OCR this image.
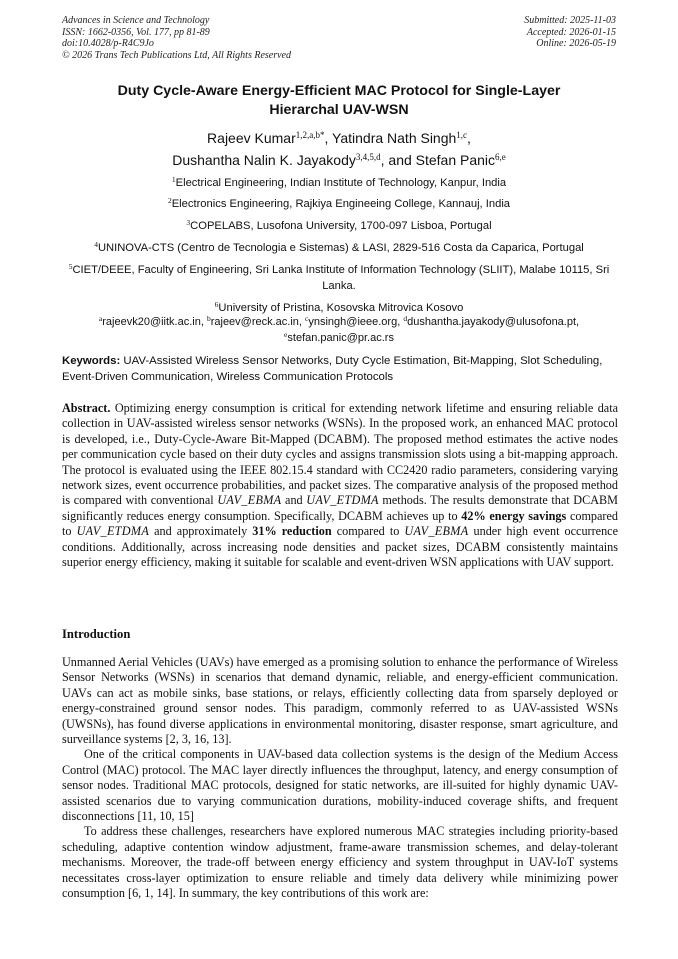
Advances in Science and Technology
ISSN: 1662-0356, Vol. 177, pp 81-89
doi:10.4028/p-R4C9Jo
© 2026 Trans Tech Publications Ltd, All Rights Reserved
Submitted: 2025-11-03
Accepted: 2026-01-15
Online: 2026-05-19
Duty Cycle-Aware Energy-Efficient MAC Protocol for Single-Layer
Hierarchal UAV-WSN
Rajeev Kumar$^{1,2,a,b*}$, Yatindra Nath Singh$^{1,c}$,
Dushantha Nalin K. Jayakody$^{3,4,5,d}$, and Stefan Panic$^{6,e}$
$^1$Electrical Engineering, Indian Institute of Technology, Kanpur, India
$^2$Electronics Engineering, Rajkiya Engineeing College, Kannauj, India
$^3$COPELABS, Lusofona University, 1700-097 Lisboa, Portugal
$^4$UNINOVA-CTS (Centro de Tecnologia e Sistemas) & LASI, 2829-516 Costa da Caparica, Portugal
$^5$CIET/DEEE, Faculty of Engineering, Sri Lanka Institute of Information Technology (SLIIT), Malabe 10115, Sri Lanka.
$^6$University of Pristina, Kosovska Mitrovica Kosovo
$^a$rajeevk20@iitk.ac.in, $^b$rajeev@reck.ac.in, $^c$ynsingh@ieee.org, $^d$dushantha.jayakody@ulusofona.pt,
$^e$stefan.panic@pr.ac.rs
Keywords: UAV-Assisted Wireless Sensor Networks, Duty Cycle Estimation, Bit-Mapping, Slot Scheduling, Event-Driven Communication, Wireless Communication Protocols

Abstract. Optimizing energy consumption is critical for extending network lifetime and ensuring reliable data collection in UAV-assisted wireless sensor networks (WSNs). In the proposed work, an enhanced MAC protocol is developed, i.e., Duty-Cycle-Aware Bit-Mapped (DCABM). The proposed method estimates the active nodes per communication cycle based on their duty cycles and assigns transmission slots using a bit-mapping approach. The protocol is evaluated using the IEEE 802.15.4 standard with CC2420 radio parameters, considering varying network sizes, event occurrence probabilities, and packet sizes. The comparative analysis of the proposed method is compared with conventional UAV_EBMA and UAV_ETDMA methods. The results demonstrate that DCABM significantly reduces energy consumption. Specifically, DCABM achieves up to 42% energy savings compared to UAV_ETDMA and approximately 31% reduction compared to UAV_EBMA under high event occurrence conditions. Additionally, across increasing node densities and packet sizes, DCABM consistently maintains superior energy efficiency, making it suitable for scalable and event-driven WSN applications with UAV support.

Introduction

Unmanned Aerial Vehicles (UAVs) have emerged as a promising solution to enhance the performance of Wireless Sensor Networks (WSNs) in scenarios that demand dynamic, reliable, and energy-efficient communication. UAVs can act as mobile sinks, base stations, or relays, efficiently collecting data from sparsely deployed or energy-constrained ground sensor nodes. This paradigm, commonly referred to as UAV-assisted WSNs (UWSNs), has found diverse applications in environmental monitoring, disaster response, smart agriculture, and surveillance systems [2, 3, 16, 13].

One of the critical components in UAV-based data collection systems is the design of the Medium Access Control (MAC) protocol. The MAC layer directly influences the throughput, latency, and energy consumption of sensor nodes. Traditional MAC protocols, designed for static networks, are ill-suited for highly dynamic UAV-assisted scenarios due to varying communication durations, mobility-induced coverage shifts, and frequent disconnections [11, 10, 15]

To address these challenges, researchers have explored numerous MAC strategies including priority-based scheduling, adaptive contention window adjustment, frame-aware transmission schemes, and delay-tolerant mechanisms. Moreover, the trade-off between energy efficiency and system throughput in UAV-IoT systems necessitates cross-layer optimization to ensure reliable and timely data delivery while minimizing power consumption [6, 1, 14]. In summary, the key contributions of this work are:
